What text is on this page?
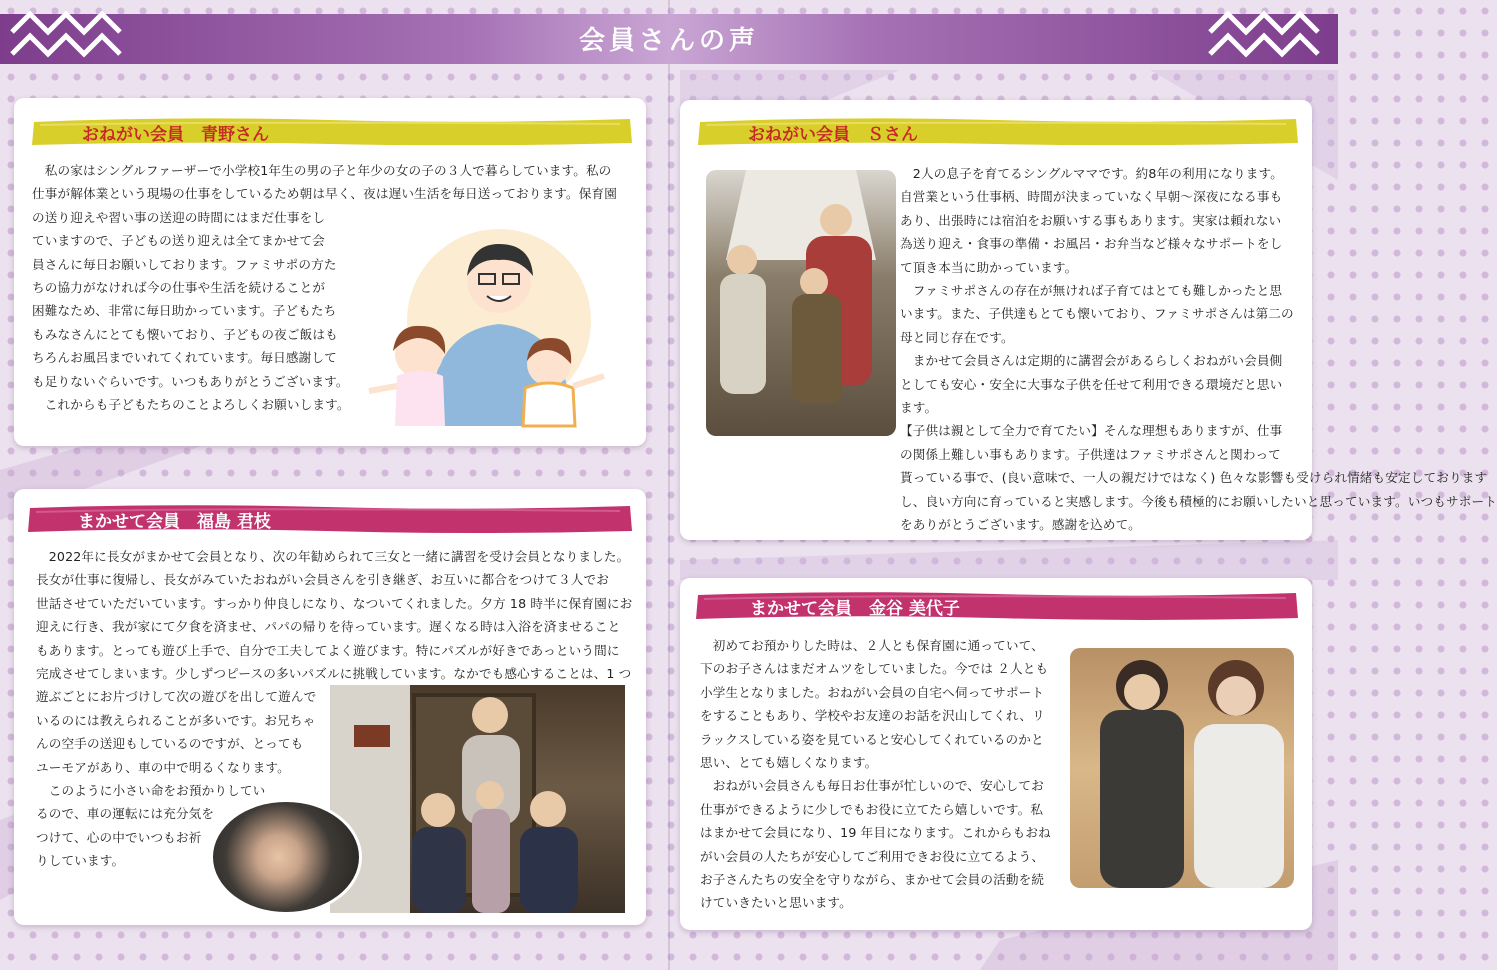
会員さんの声
おねがい会員　青野さん
　私の家はシングルファーザーで小学校1年生の男の子と年少の女の子の３人で暮らしています。私の
仕事が解体業という現場の仕事をしているため朝は早く、夜は遅い生活を毎日送っております。保育園
の送り迎えや習い事の送迎の時間にはまだ仕事をし
ていますので、子どもの送り迎えは全てまかせて会
員さんに毎日お願いしております。ファミサポの方た
ちの協力がなければ今の仕事や生活を続けることが
困難なため、非常に毎日助かっています。子どもたち
もみなさんにとても懐いており、子どもの夜ご飯はも
ちろんお風呂までいれてくれています。毎日感謝して
も足りないぐらいです。いつもありがとうございます。
　これからも子どもたちのことよろしくお願いします。
まかせて会員　福島 君枝
　2022年に長女がまかせて会員となり、次の年勧められて三女と一緒に講習を受け会員となりました。
長女が仕事に復帰し、長女がみていたおねがい会員さんを引き継ぎ、お互いに都合をつけて３人でお
世話させていただいています。すっかり仲良しになり、なついてくれました。夕方 18 時半に保育園にお
迎えに行き、我が家にて夕食を済ませ、パパの帰りを待っています。遅くなる時は入浴を済ませること
もあります。とっても遊び上手で、自分で工夫してよく遊びます。特にパズルが好きであっという間に
完成させてしまいます。少しずつピースの多いパズルに挑戦しています。なかでも感心することは、1 つ
遊ぶごとにお片づけして次の遊びを出して遊んで
いるのには教えられることが多いです。お兄ちゃ
んの空手の送迎もしているのですが、とっても
ユーモアがあり、車の中で明るくなります。
　このように小さい命をお預かりしてい
るので、車の運転には充分気を
つけて、心の中でいつもお祈
りしています。
おねがい会員　Ｓさん
　2人の息子を育てるシングルママです。約8年の利用になります。
自営業という仕事柄、時間が決まっていなく早朝～深夜になる事も
あり、出張時には宿泊をお願いする事もあります。実家は頼れない
為送り迎え・食事の準備・お風呂・お弁当など様々なサポートをし
て頂き本当に助かっています。
　ファミサポさんの存在が無ければ子育てはとても難しかったと思
います。また、子供達もとても懐いており、ファミサポさんは第二の
母と同じ存在です。
　まかせて会員さんは定期的に講習会があるらしくおねがい会員側
としても安心・安全に大事な子供を任せて利用できる環境だと思い
ます。
【子供は親として全力で育てたい】そんな理想もありますが、仕事
の関係上難しい事もあります。子供達はファミサポさんと関わって
貰っている事で、(良い意味で、一人の親だけではなく) 色々な影響も受けられ情緒も安定しております
し、良い方向に育っていると実感します。今後も積極的にお願いしたいと思っています。いつもサポート
をありがとうございます。感謝を込めて。
まかせて会員　金谷 美代子
　初めてお預かりした時は、２人とも保育園に通っていて、
下のお子さんはまだオムツをしていました。今では ２人とも
小学生となりました。おねがい会員の自宅へ伺ってサポート
をすることもあり、学校やお友達のお話を沢山してくれ、リ
ラックスしている姿を見ていると安心してくれているのかと
思い、とても嬉しくなります。
　おねがい会員さんも毎日お仕事が忙しいので、安心してお
仕事ができるように少しでもお役に立てたら嬉しいです。私
はまかせて会員になり、19 年目になります。これからもおね
がい会員の人たちが安心してご利用できお役に立てるよう、
お子さんたちの安全を守りながら、まかせて会員の活動を続
けていきたいと思います。
